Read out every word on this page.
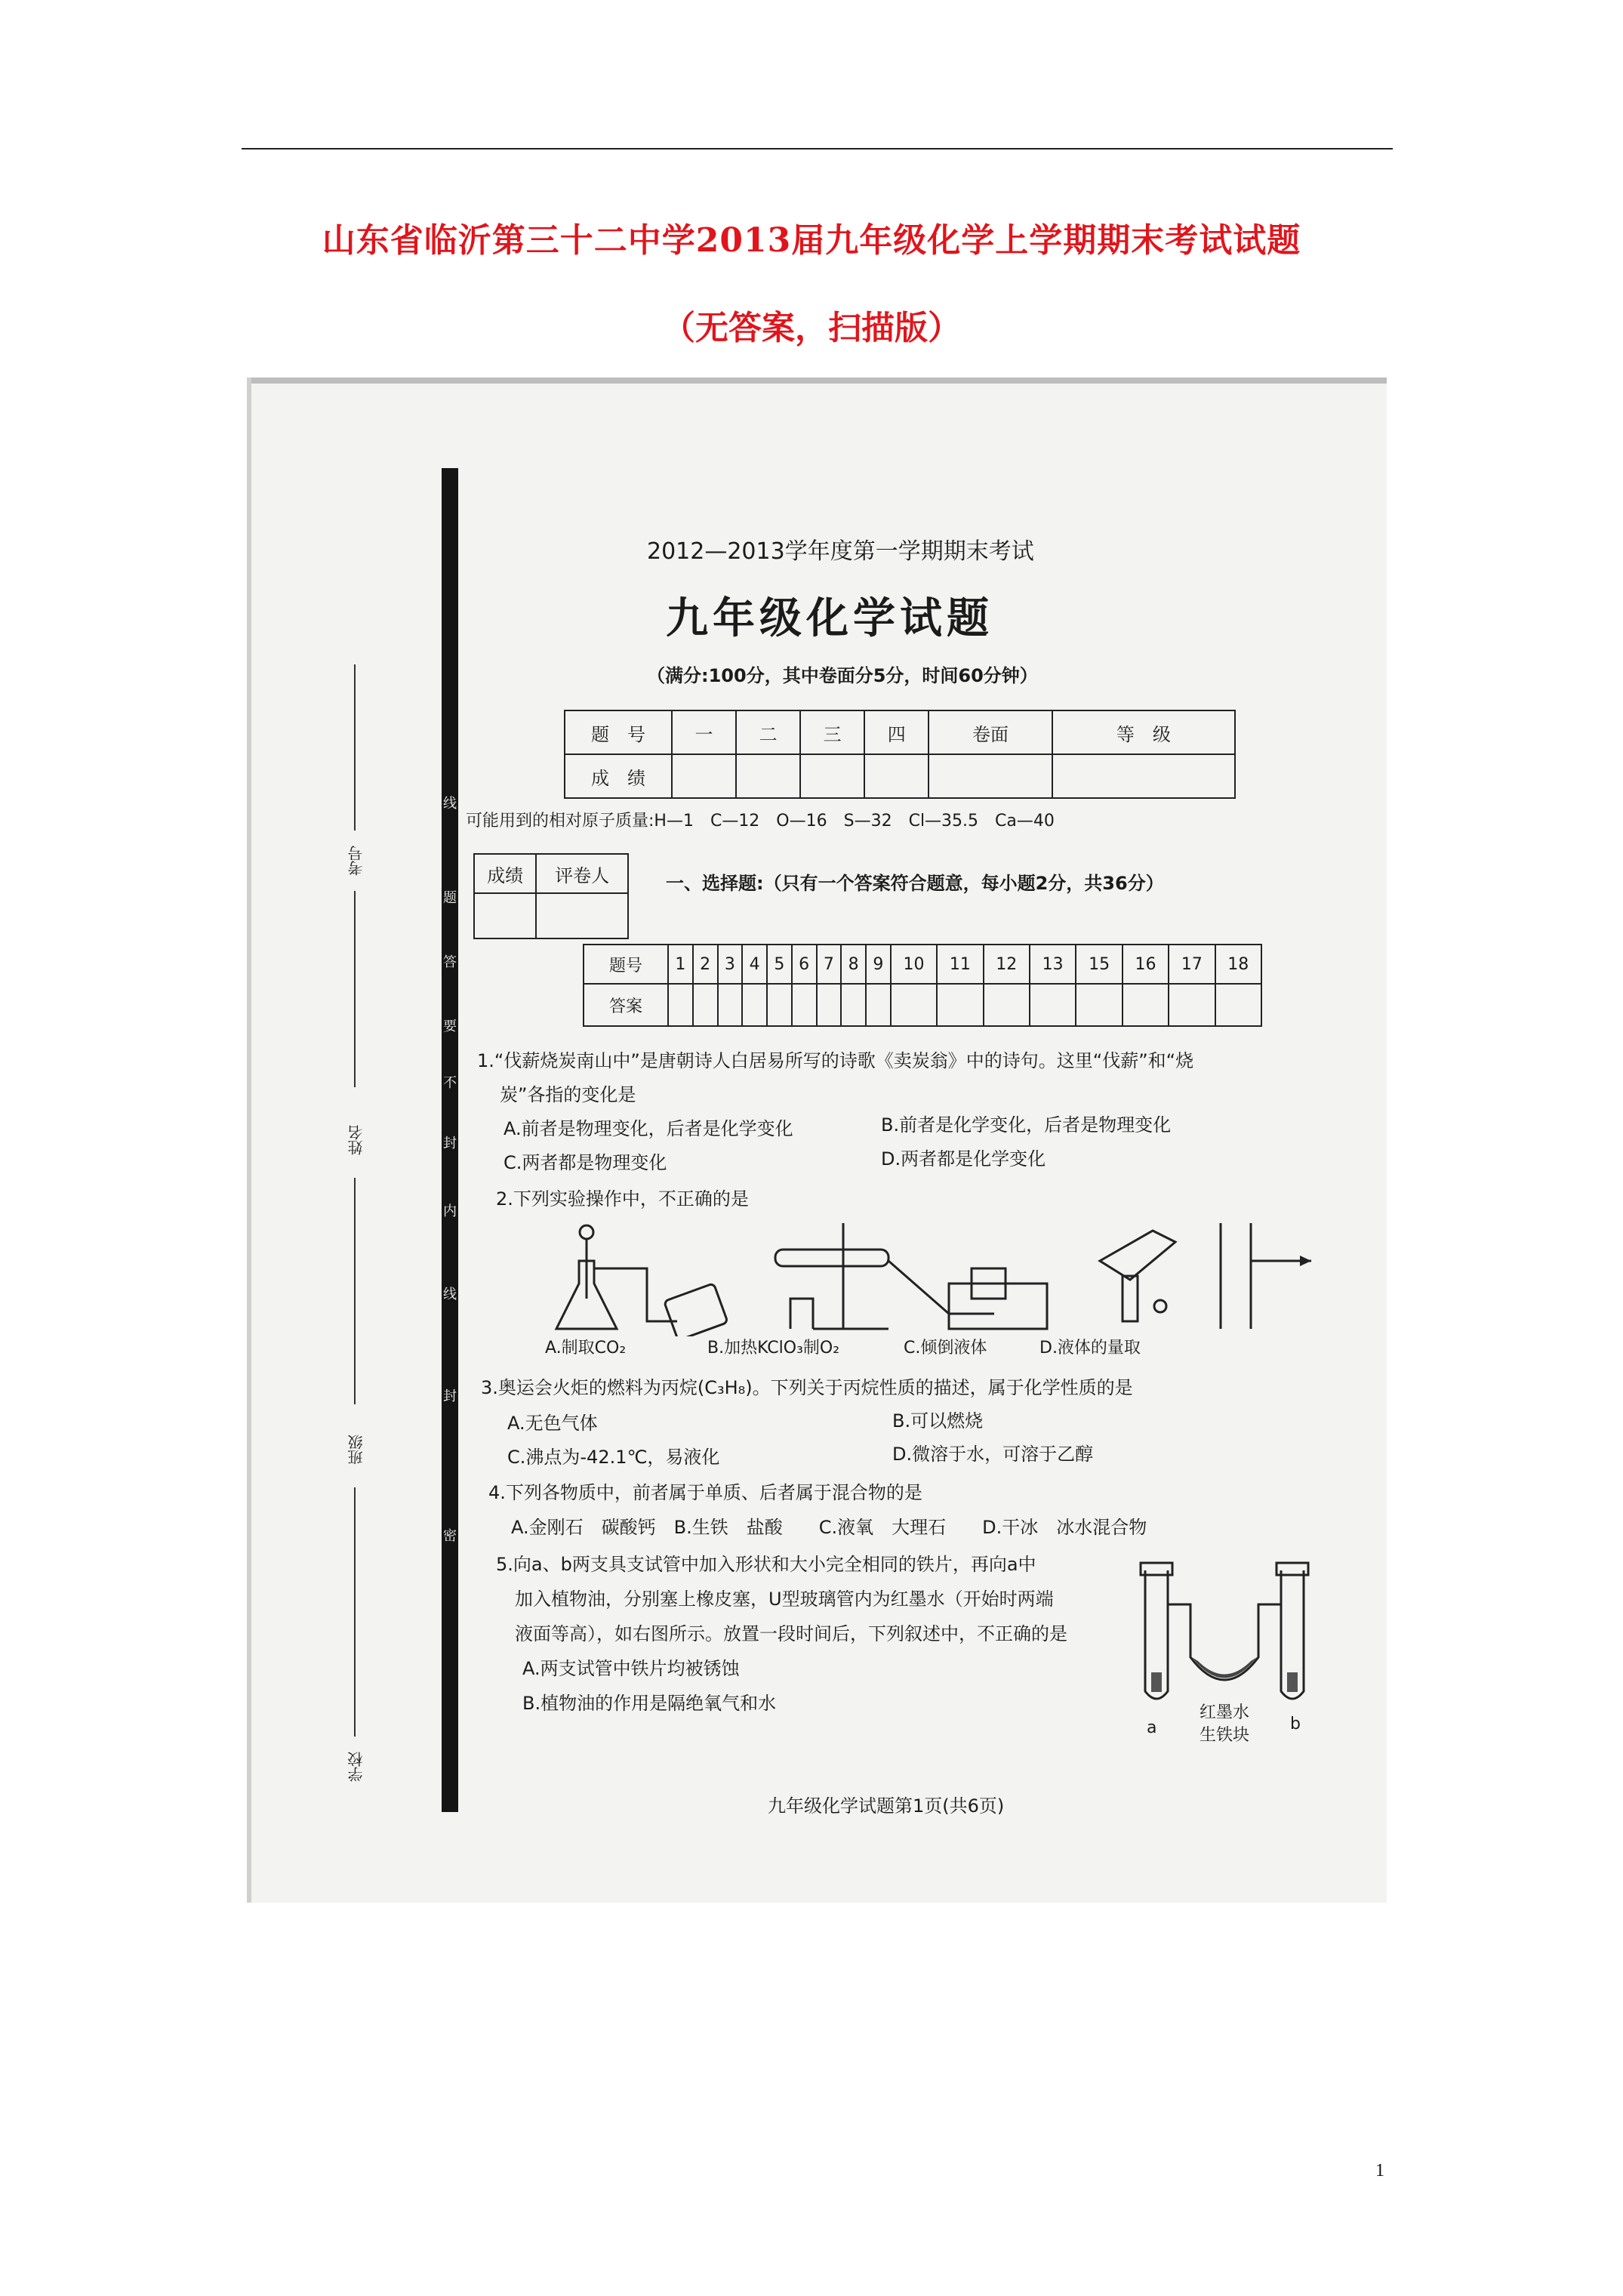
山东省临沂第三十二中学2013届九年级化学上学期期末考试试题
（无答案，扫描版）
线
题
答
要
不
封
内
线
封
密
考号
姓名
班级
学校
2012—2013学年度第一学期期末考试
九年级化学试题
（满分:100分，其中卷面分5分，时间60分钟）
题　号	一	二	三	四	卷面	等　级
成　绩						
可能用到的相对原子质量:H—1　C—12　O—16　S—32　Cl—35.5　Ca—40
成绩	评卷人
		一、选择题:（只有一个答案符合题意，每小题2分，共36分）
题号	1	2	3	4	5	6	7	8	9	10	11	12	13	15	16	17	18
答案																	
1.“伐薪烧炭南山中”是唐朝诗人白居易所写的诗歌《卖炭翁》中的诗句。这里“伐薪”和“烧
炭”各指的变化是
A.前者是物理变化，后者是化学变化	B.前者是化学变化，后者是物理变化
C.两者都是物理变化	D.两者都是化学变化
2.下列实验操作中，不正确的是
A.制取CO₂	B.加热KClO₃制O₂	C.倾倒液体	D.液体的量取
3.奥运会火炬的燃料为丙烷(C₃H₈)。下列关于丙烷性质的描述，属于化学性质的是
A.无色气体	B.可以燃烧
C.沸点为-42.1℃，易液化	D.微溶于水，可溶于乙醇
4.下列各物质中，前者属于单质、后者属于混合物的是
A.金刚石　碳酸钙　B.生铁　盐酸　　C.液氧　大理石　　D.干冰　冰水混合物
5.向a、b两支具支试管中加入形状和大小完全相同的铁片，再向a中
加入植物油，分别塞上橡皮塞，U型玻璃管内为红墨水（开始时两端
液面等高），如右图所示。放置一段时间后，下列叙述中，不正确的是
A.两支试管中铁片均被锈蚀
B.植物油的作用是隔绝氧气和水	红墨水
生铁块
a	b
九年级化学试题第1页(共6页)
1
